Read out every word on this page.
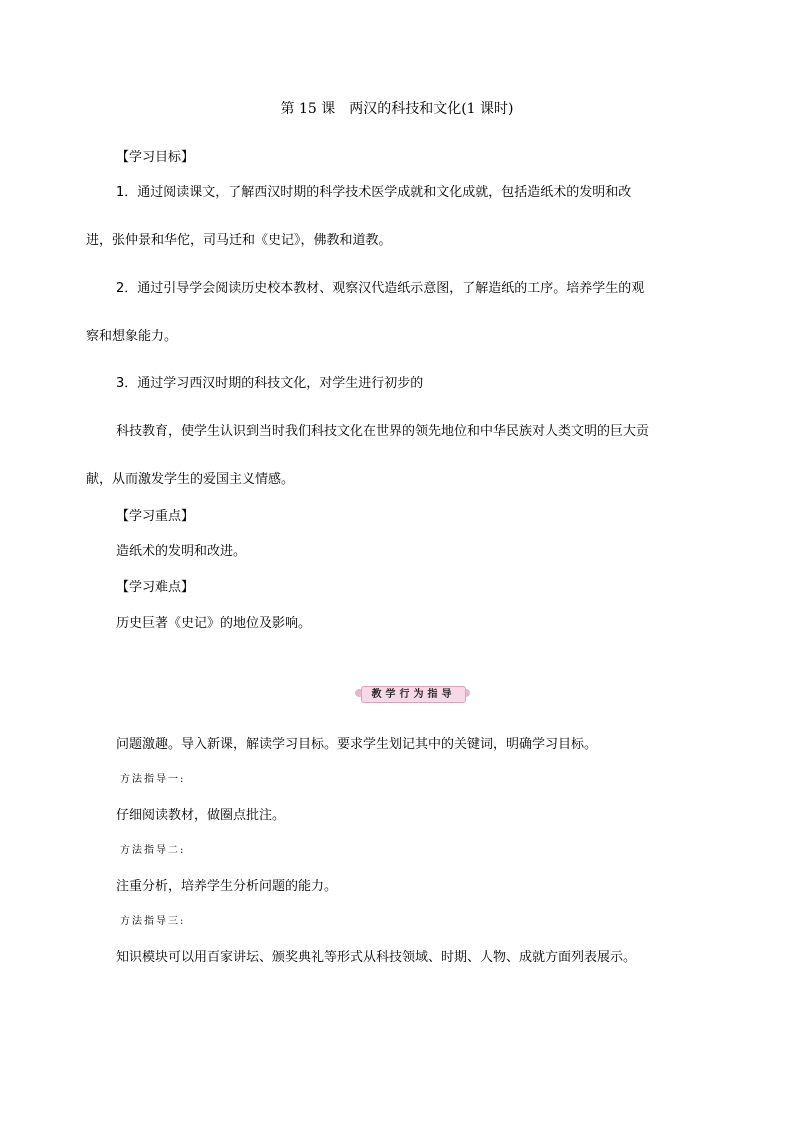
第 15 课　两汉的科技和文化(1 课时)
【学习目标】
1．通过阅读课文，了解西汉时期的科学技术医学成就和文化成就，包括造纸术的发明和改
进，张仲景和华佗，司马迁和《史记》，佛教和道教。
2．通过引导学会阅读历史校本教材、观察汉代造纸示意图，了解造纸的工序。培养学生的观
察和想象能力。
3．通过学习西汉时期的科技文化，对学生进行初步的
科技教育，使学生认识到当时我们科技文化在世界的领先地位和中华民族对人类文明的巨大贡
献，从而激发学生的爱国主义情感。
【学习重点】
造纸术的发明和改进。
【学习难点】
历史巨著《史记》的地位及影响。
教学行为指导
问题激趣。导入新课，解读学习目标。要求学生划记其中的关键词，明确学习目标。
方法指导一:
仔细阅读教材，做圈点批注。
方法指导二:
注重分析，培养学生分析问题的能力。
方法指导三:
知识模块可以用百家讲坛、颁奖典礼等形式从科技领域、时期、人物、成就方面列表展示。
